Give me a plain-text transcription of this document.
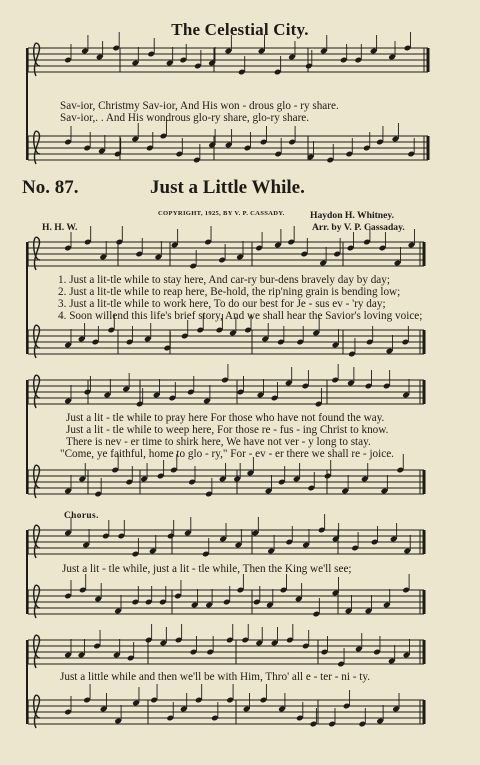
The Celestial City.
Sav-ior, Christmy Sav-ior, And His won - drous glo - ry share.
Sav-ior,. . And His wondrous glo-ry share, glo-ry share.
No. 87.	Just a Little While.
COPYRIGHT, 1925, BY V. P. CASSADY.	Haydon H. Whitney.
Arr. by V. P. Cassaday.
H. H. W.
1. Just a lit-tle while to stay here, And car-ry bur-dens bravely day by day;
2. Just a lit-tle while to reap here, Be-hold, the rip'ning grain is bending low;
3. Just a lit-tle while to work here, To do our best for Je - sus ev - 'ry day;
4. Soon willend this life's brief story, And we shall hear the Savior's loving voice;
Just a lit - tle while to pray here For those who have not found the way.
Just a lit - tle while to weep here, For those re - fus - ing Christ to know.
There is nev - er time to shirk here, We have not ver - y long to stay.
"Come, ye faithful, home to glo - ry," For - ev - er there we shall re - joice.
Chorus.
Just a lit - tle while, just a lit - tle while, Then the King we'll see;
Just a little while and then we'll be with Him, Thro' all e - ter - ni - ty.
